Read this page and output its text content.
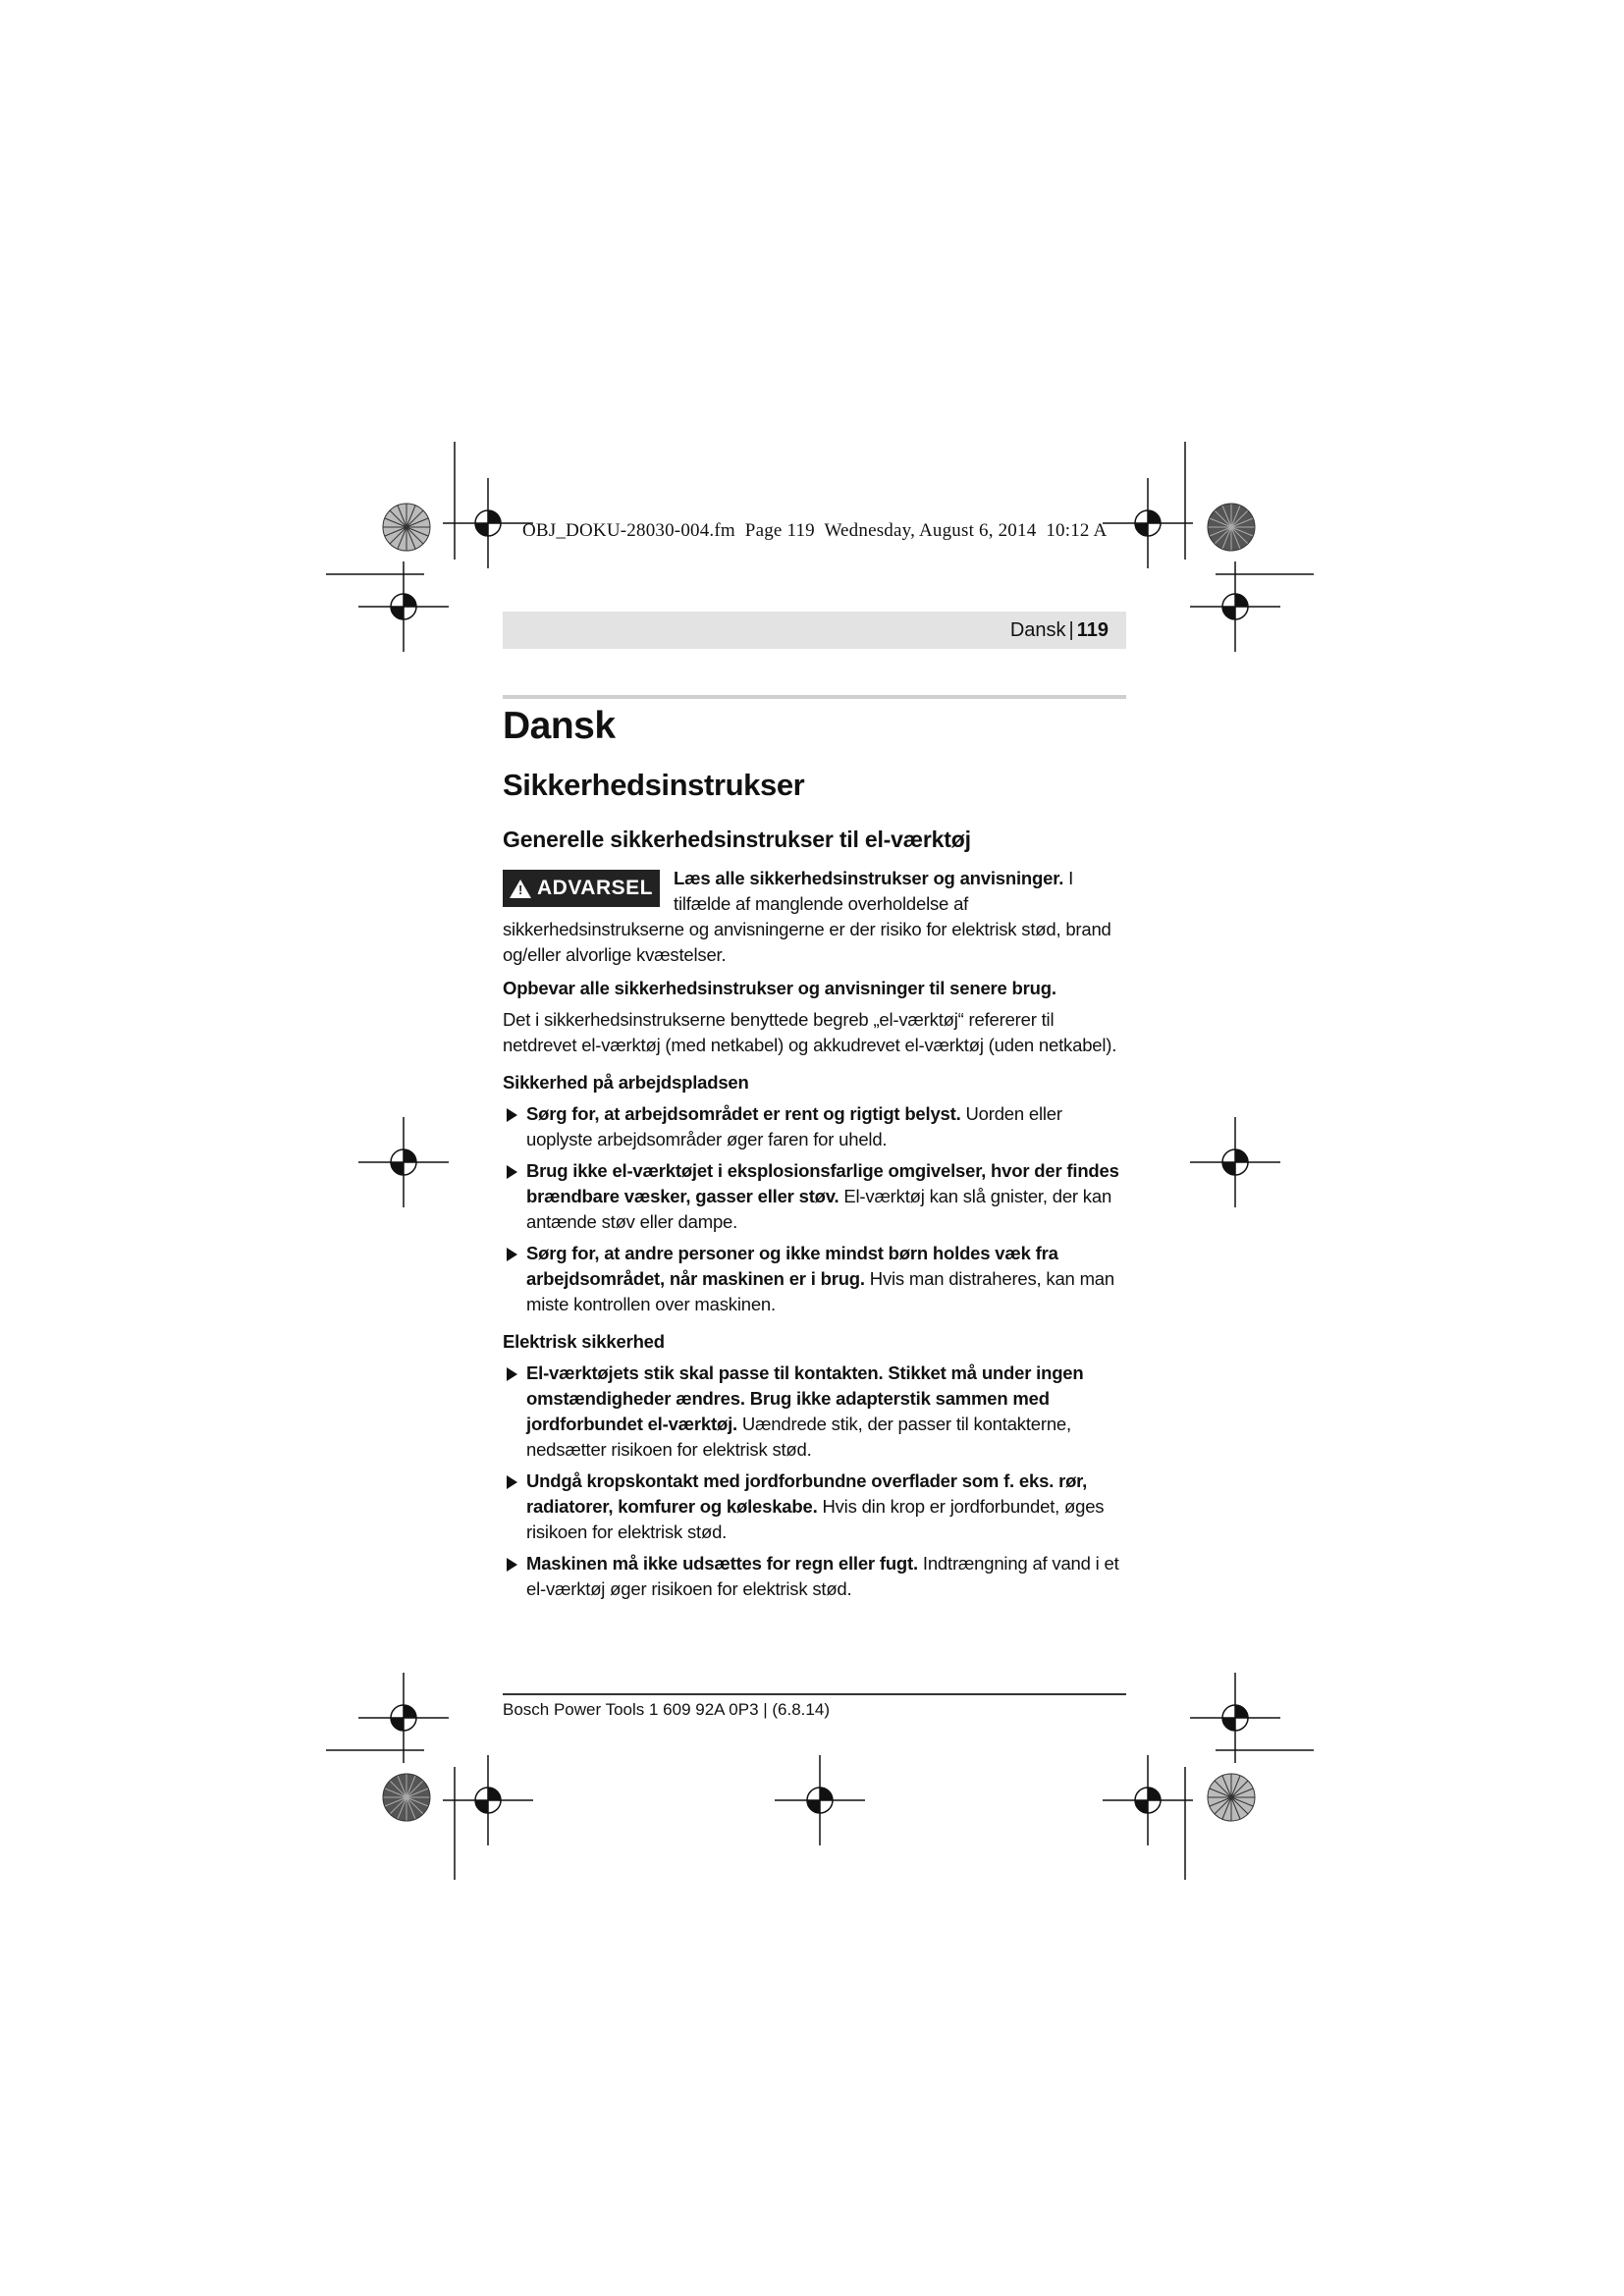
OBJ_DOKU-28030-004.fm Page 119 Wednesday, August 6, 2014 10:12 A
Dansk | 119
Dansk
Sikkerhedsinstrukser
Generelle sikkerhedsinstrukser til el-værktøj
! ADVARSEL	Læs alle sikkerhedsinstrukser og anvisninger. I tilfælde af manglende overholdelse af sikkerhedsinstrukserne og anvisningerne er der risiko for elektrisk stød, brand og/eller alvorlige kvæstelser.

Opbevar alle sikkerhedsinstrukser og anvisninger til senere brug.

Det i sikkerhedsinstrukserne benyttede begreb „el-værktøj“ refererer til netdrevet el-værktøj (med netkabel) og akkudrevet el-værktøj (uden netkabel).

Sikkerhed på arbejdspladsen
Sørg for, at arbejdsområdet er rent og rigtigt belyst. Uorden eller uoplyste arbejdsområder øger faren for uheld.
Brug ikke el-værktøjet i eksplosionsfarlige omgivelser, hvor der findes brændbare væsker, gasser eller støv. El-værktøj kan slå gnister, der kan antænde støv eller dampe.
Sørg for, at andre personer og ikke mindst børn holdes væk fra arbejdsområdet, når maskinen er i brug. Hvis man distraheres, kan man miste kontrollen over maskinen.
Elektrisk sikkerhed
El-værktøjets stik skal passe til kontakten. Stikket må under ingen omstændigheder ændres. Brug ikke adapterstik sammen med jordforbundet el-værktøj. Uændrede stik, der passer til kontakterne, nedsætter risikoen for elektrisk stød.
Undgå kropskontakt med jordforbundne overflader som f. eks. rør, radiatorer, komfurer og køleskabe. Hvis din krop er jordforbundet, øges risikoen for elektrisk stød.
Maskinen må ikke udsættes for regn eller fugt. Indtrængning af vand i et el-værktøj øger risikoen for elektrisk stød.
Bosch Power Tools 1 609 92A 0P3 | (6.8.14)
